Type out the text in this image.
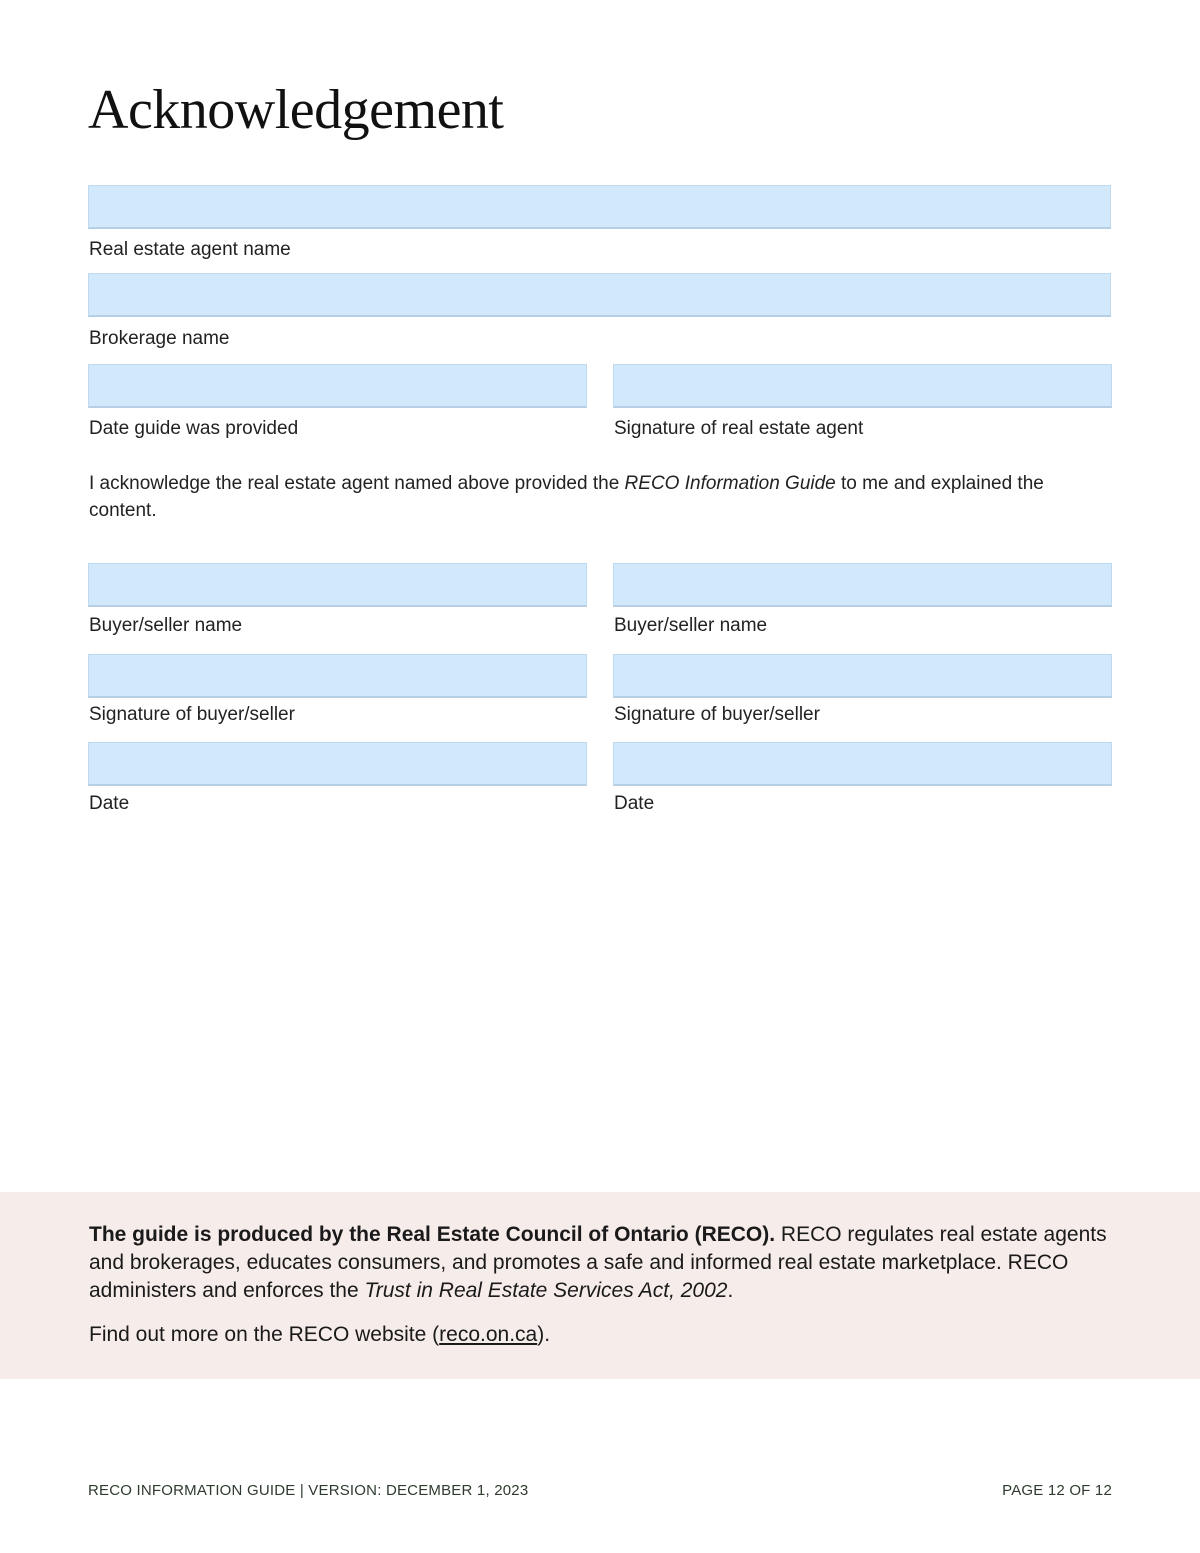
Acknowledgement
Real estate agent name
Brokerage name
Date guide was provided	Signature of real estate agent

I acknowledge the real estate agent named above provided the RECO Information Guide to me and explained the content.

Buyer/seller name	Buyer/seller name
Signature of buyer/seller	Signature of buyer/seller
Date	Date

The guide is produced by the Real Estate Council of Ontario (RECO). RECO regulates real estate agents and brokerages, educates consumers, and promotes a safe and informed real estate marketplace. RECO administers and enforces the Trust in Real Estate Services Act, 2002.

Find out more on the RECO website (reco.on.ca).

RECO INFORMATION GUIDE | VERSION: DECEMBER 1, 2023	PAGE 12 OF 12
